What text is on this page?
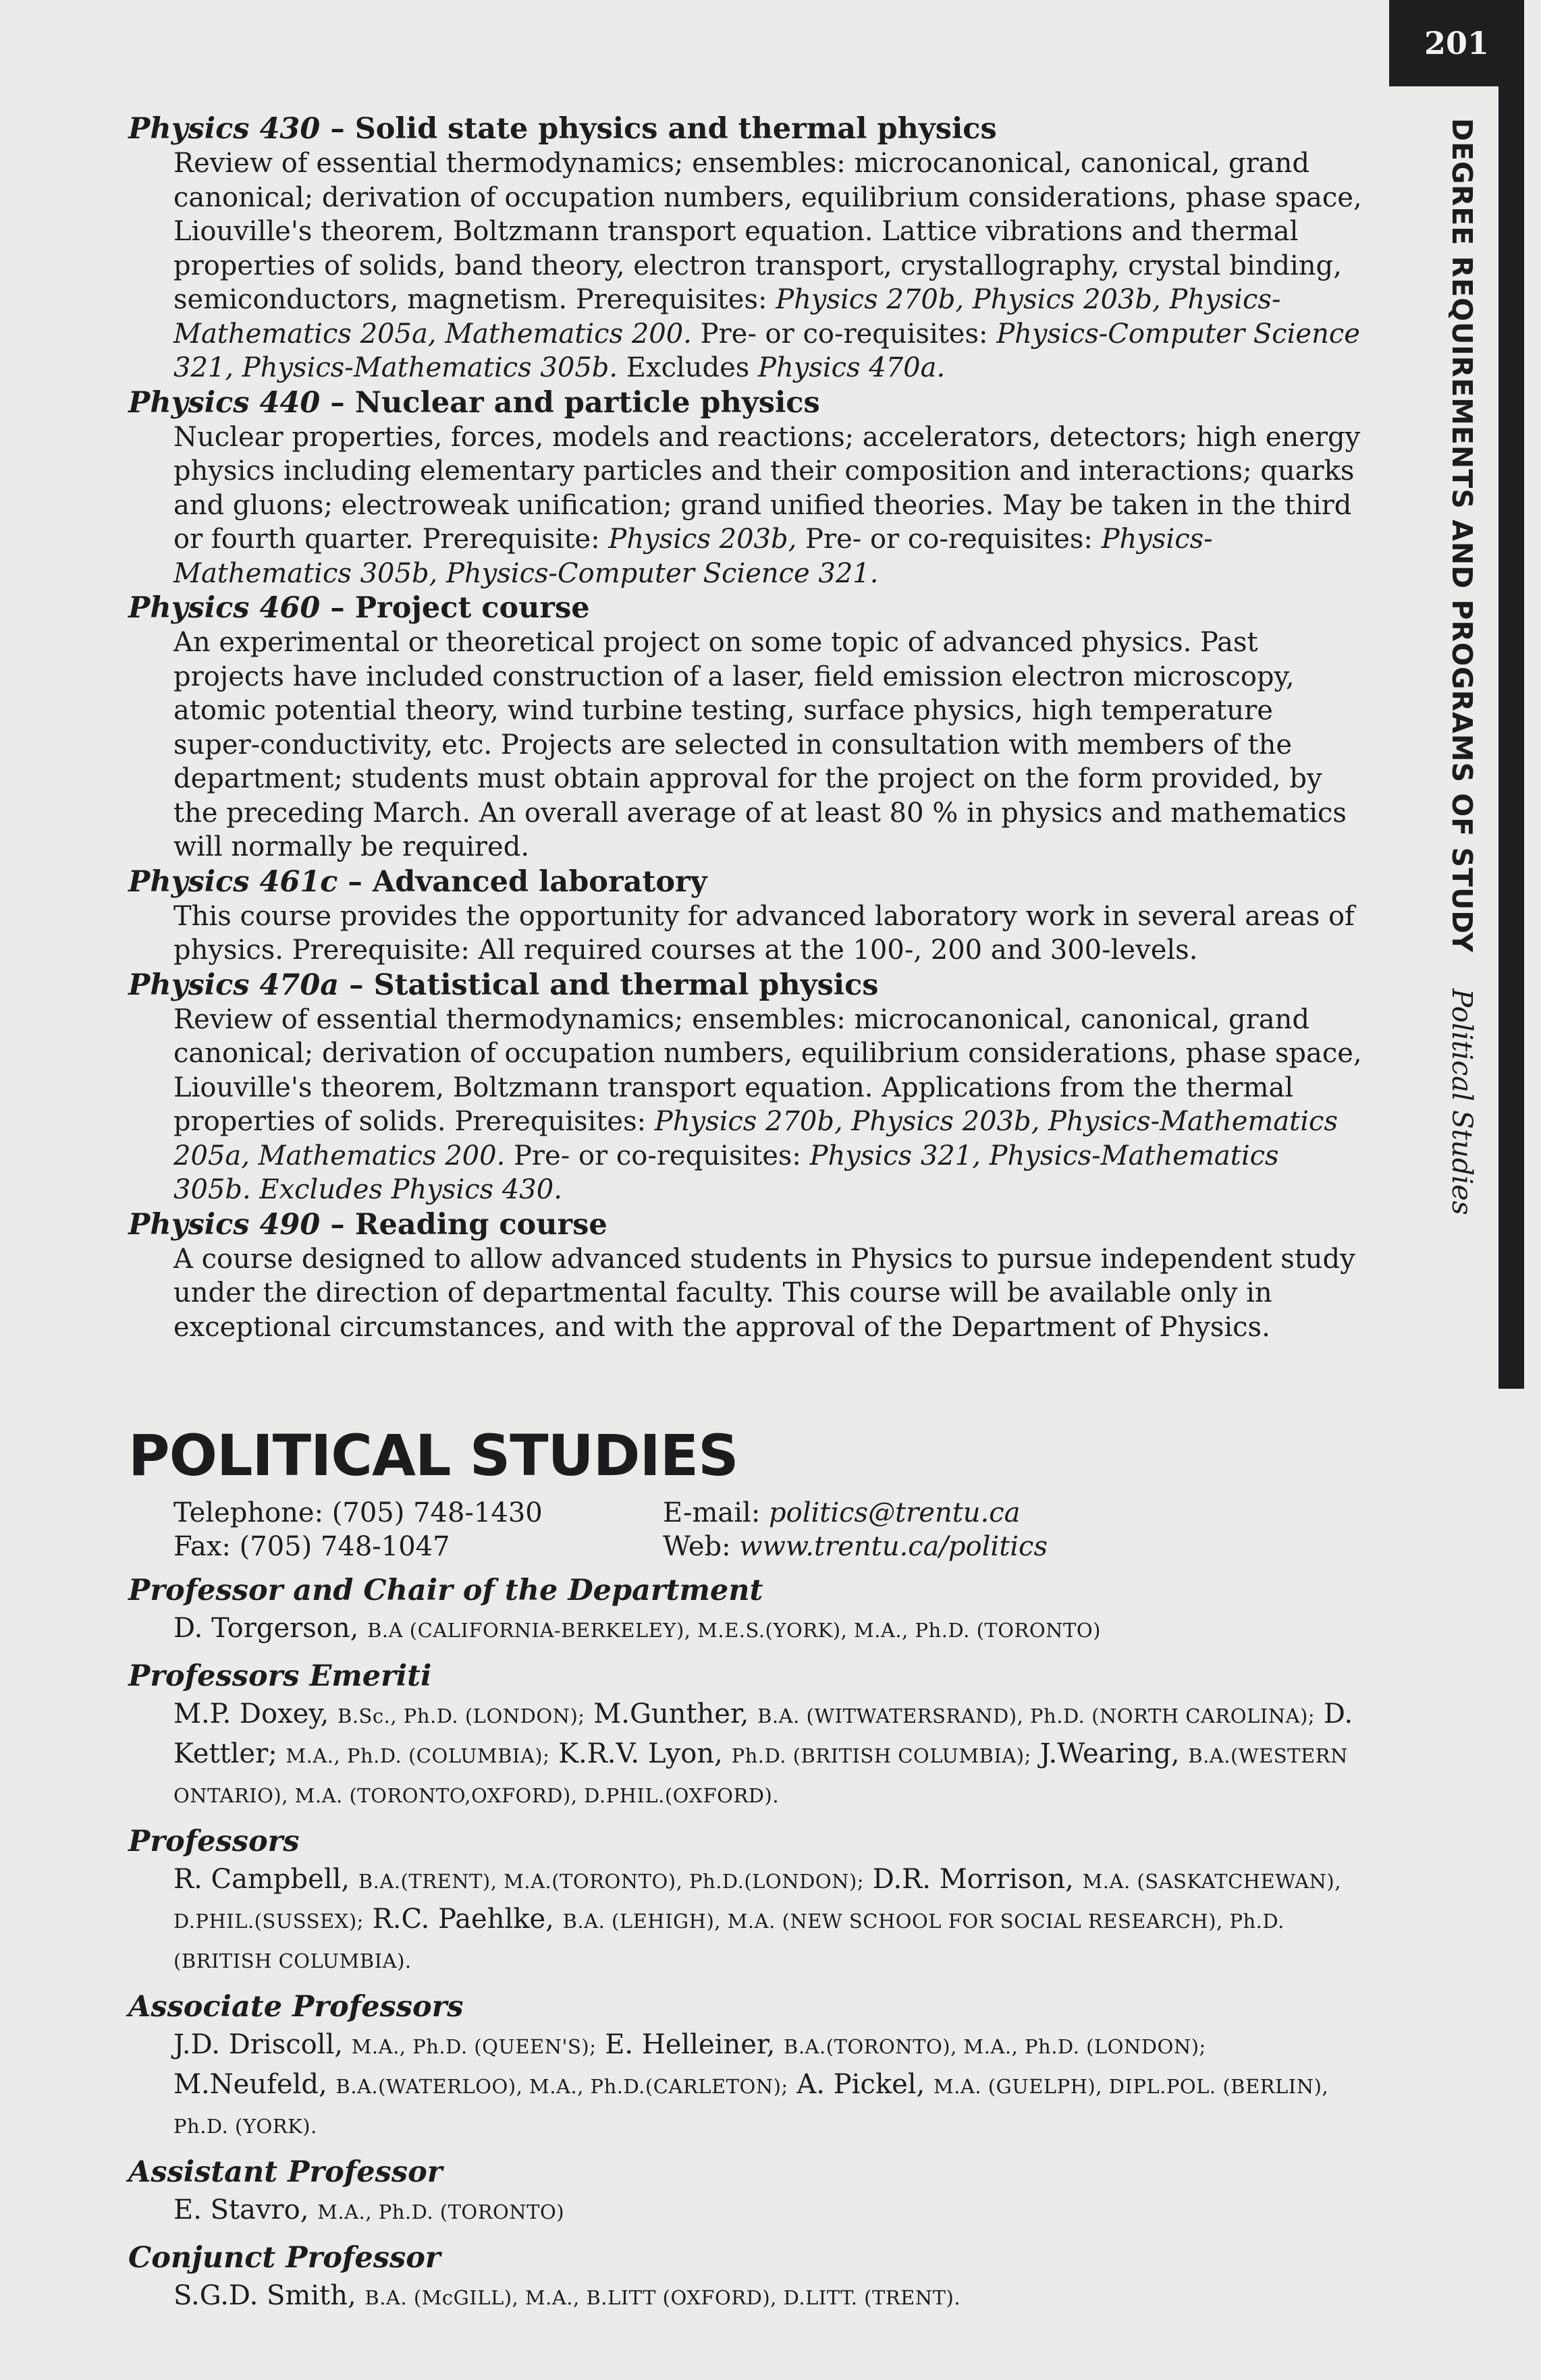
201
DEGREE REQUIREMENTS AND PROGRAMS OF STUDY Political Studies
Physics 430 – Solid state physics and thermal physics
Review of essential thermodynamics; ensembles: microcanonical, canonical, grand canonical; derivation of occupation numbers, equilibrium considerations, phase space, Liouville's theorem, Boltzmann transport equation. Lattice vibrations and thermal properties of solids, band theory, electron transport, crystallography, crystal binding, semiconductors, magnetism. Prerequisites: Physics 270b, Physics 203b, Physics-Mathematics 205a, Mathematics 200. Pre- or co-requisites: Physics-Computer Science 321, Physics-Mathematics 305b. Excludes Physics 470a.
Physics 440 – Nuclear and particle physics
Nuclear properties, forces, models and reactions; accelerators, detectors; high energy physics including elementary particles and their composition and interactions; quarks and gluons; electroweak unification; grand unified theories. May be taken in the third or fourth quarter. Prerequisite: Physics 203b, Pre- or co-requisites: Physics-Mathematics 305b, Physics-Computer Science 321.
Physics 460 – Project course
An experimental or theoretical project on some topic of advanced physics. Past projects have included construction of a laser, field emission electron microscopy, atomic potential theory, wind turbine testing, surface physics, high temperature super-conductivity, etc. Projects are selected in consultation with members of the department; students must obtain approval for the project on the form provided, by the preceding March. An overall average of at least 80 % in physics and mathematics will normally be required.
Physics 461c – Advanced laboratory
This course provides the opportunity for advanced laboratory work in several areas of physics. Prerequisite: All required courses at the 100-, 200 and 300-levels.
Physics 470a – Statistical and thermal physics
Review of essential thermodynamics; ensembles: microcanonical, canonical, grand canonical; derivation of occupation numbers, equilibrium considerations, phase space, Liouville's theorem, Boltzmann transport equation. Applications from the thermal properties of solids. Prerequisites: Physics 270b, Physics 203b, Physics-Mathematics 205a, Mathematics 200. Pre- or co-requisites: Physics 321, Physics-Mathematics 305b. Excludes Physics 430.
Physics 490 – Reading course
A course designed to allow advanced students in Physics to pursue independent study under the direction of departmental faculty. This course will be available only in exceptional circumstances, and with the approval of the Department of Physics.
POLITICAL STUDIES
Telephone: (705) 748-1430	E-mail: politics@trentu.ca
Fax: (705) 748-1047	Web: www.trentu.ca/politics
Professor and Chair of the Department
D. Torgerson, B.A (CALIFORNIA-BERKELEY), M.E.S.(YORK), M.A., Ph.D. (TORONTO)
Professors Emeriti
M.P. Doxey, B.Sc., Ph.D. (LONDON); M.Gunther, B.A. (WITWATERSRAND), Ph.D. (NORTH CAROLINA); D. Kettler; M.A., Ph.D. (COLUMBIA); K.R.V. Lyon, Ph.D. (BRITISH COLUMBIA); J.Wearing, B.A.(WESTERN ONTARIO), M.A. (TORONTO,OXFORD), D.PHIL.(OXFORD).
Professors
R. Campbell, B.A.(TRENT), M.A.(TORONTO), Ph.D.(LONDON); D.R. Morrison, M.A. (SASKATCHEWAN), D.PHIL.(SUSSEX); R.C. Paehlke, B.A. (LEHIGH), M.A. (NEW SCHOOL FOR SOCIAL RESEARCH), Ph.D. (BRITISH COLUMBIA).
Associate Professors
J.D. Driscoll, M.A., Ph.D. (QUEEN'S); E. Helleiner, B.A.(TORONTO), M.A., Ph.D. (LONDON); M.Neufeld, B.A.(WATERLOO), M.A., Ph.D.(CARLETON); A. Pickel, M.A. (GUELPH), DIPL.POL. (BERLIN), Ph.D. (YORK).
Assistant Professor
E. Stavro, M.A., Ph.D. (TORONTO)
Conjunct Professor
S.G.D. Smith, B.A. (McGILL), M.A., B.LITT (OXFORD), D.LITT. (TRENT).
